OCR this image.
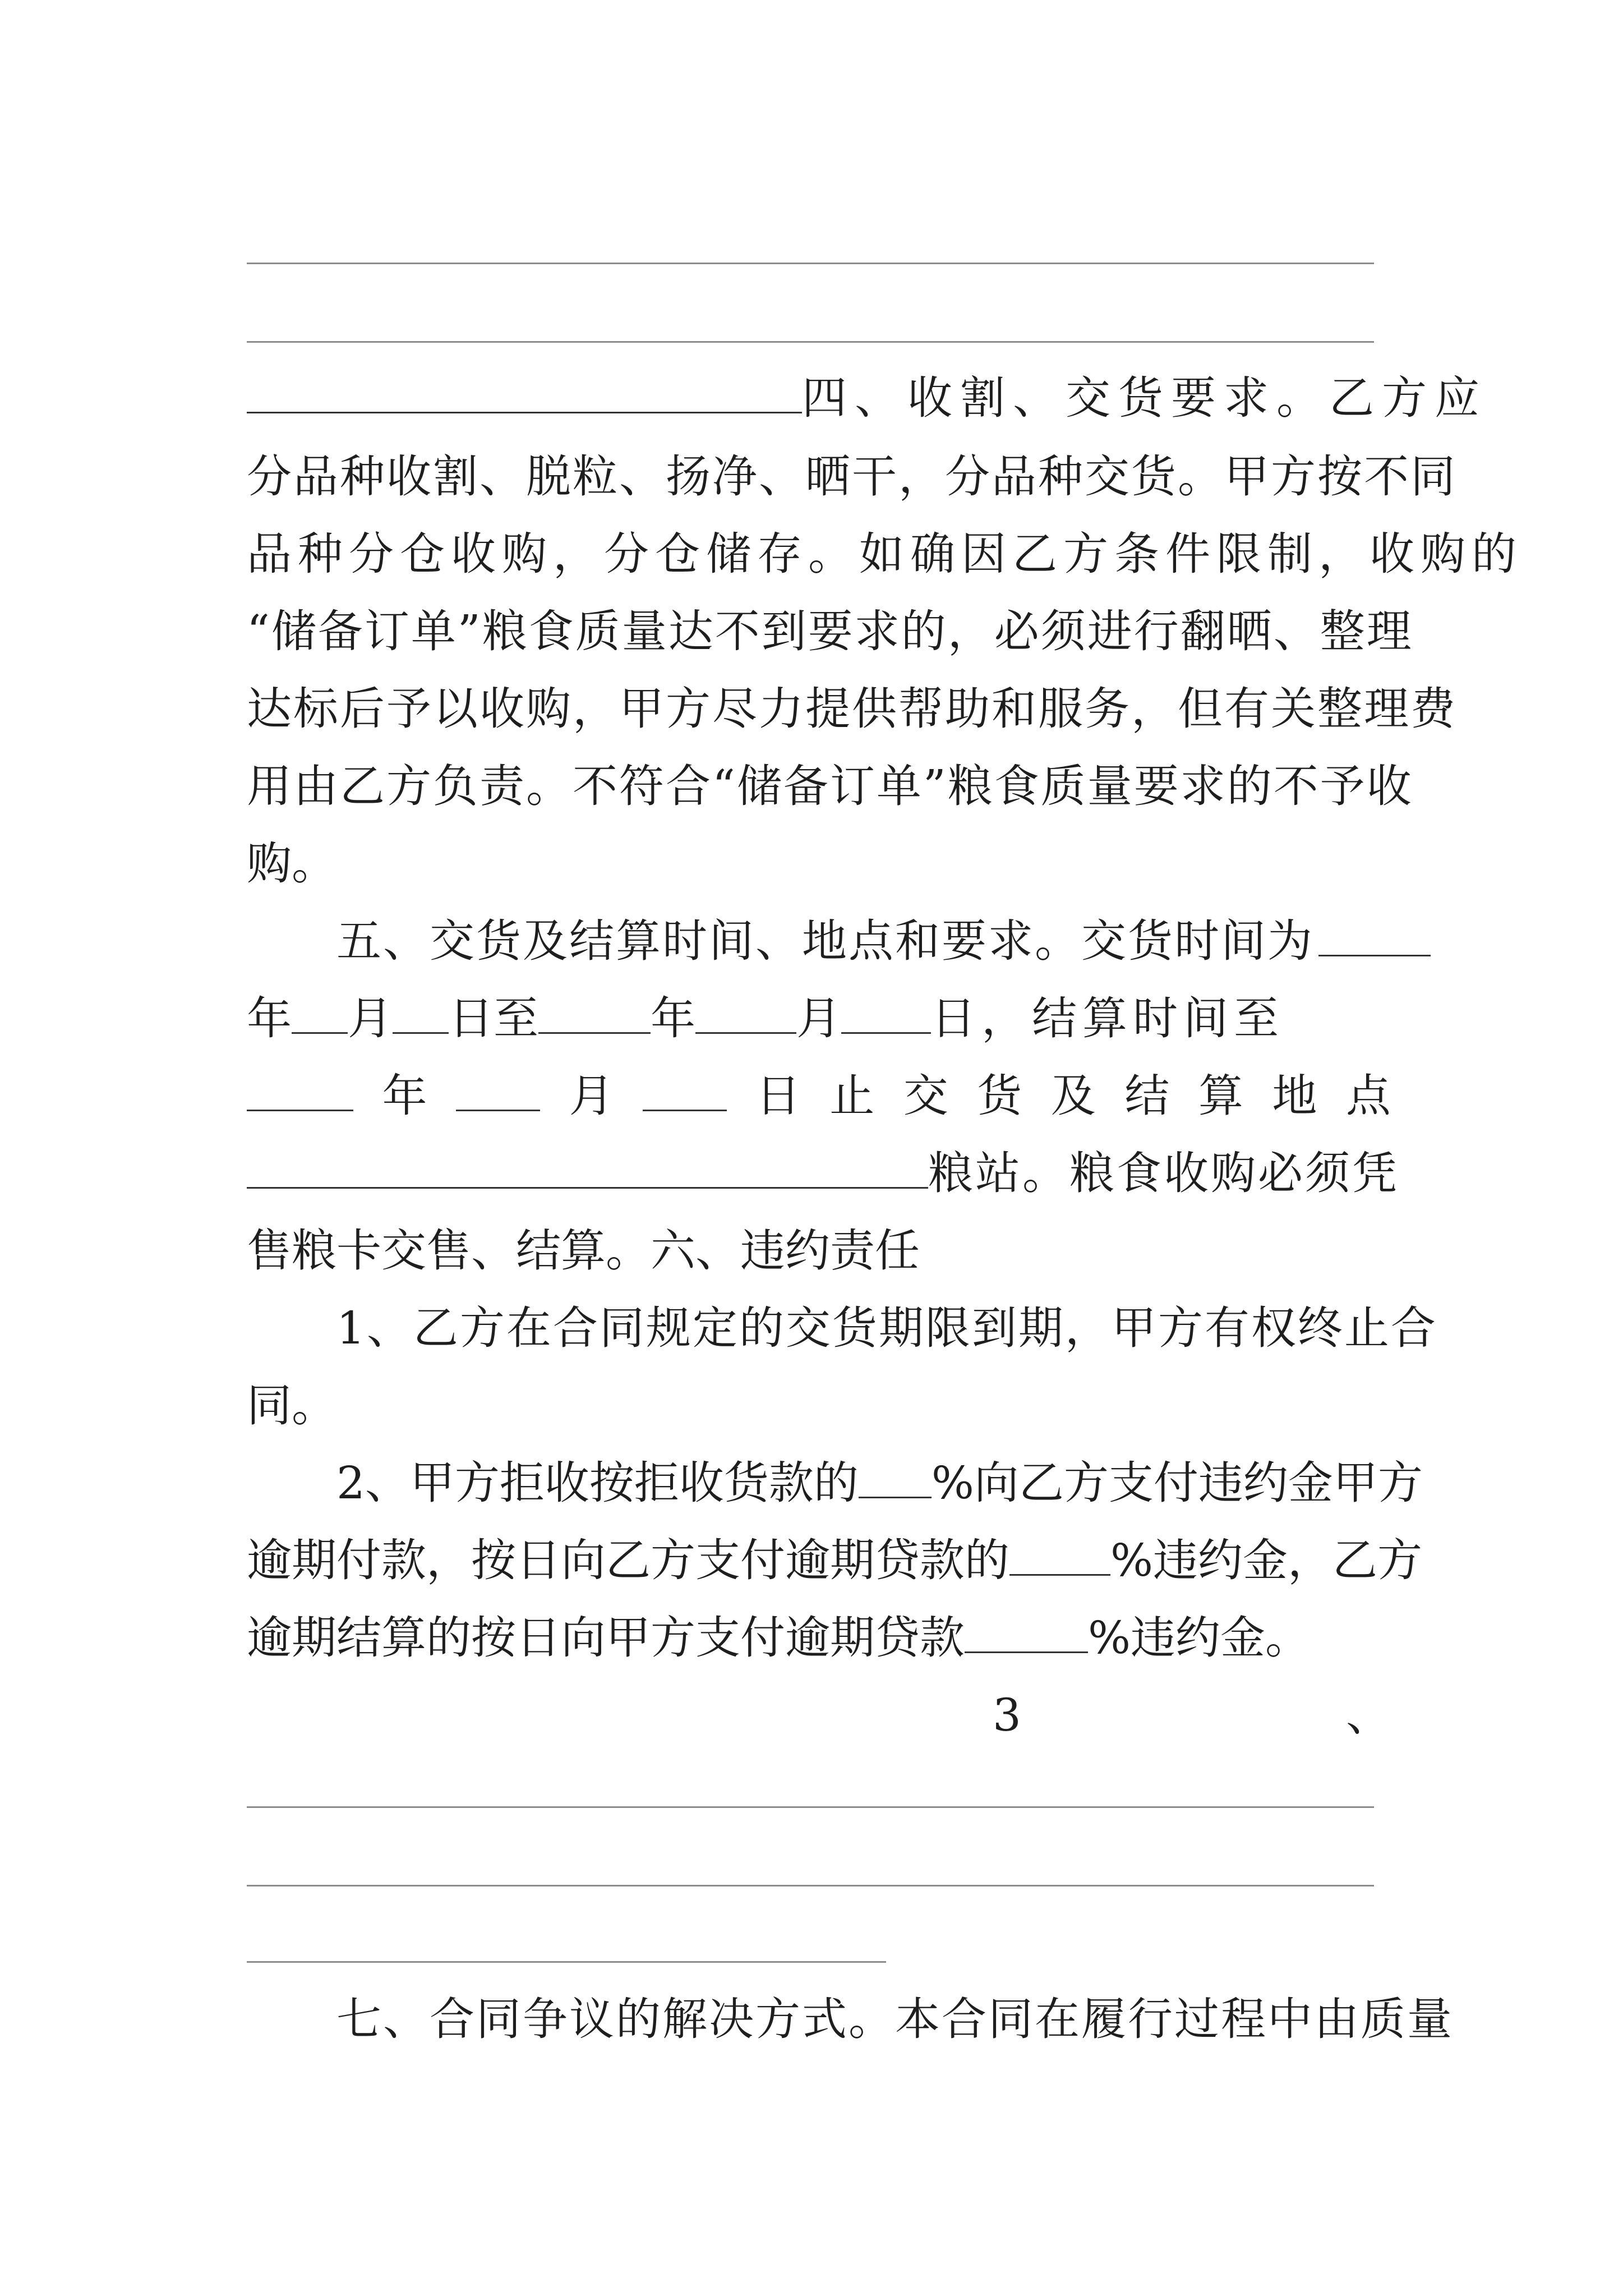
四、收割、交货要求。乙方应
分品种收割、脱粒、扬净、晒干，分品种交货。甲方按不同
品种分仓收购，分仓储存。如确因乙方条件限制，收购的
“储备订单”粮食质量达不到要求的，必须进行翻晒、整理
达标后予以收购，甲方尽力提供帮助和服务，但有关整理费
用由乙方负责。不符合“储备订单”粮食质量要求的不予收
购。
五、交货及结算时间、地点和要求。交货时间为
年 月 日至	年 月 日，结算时间至
年	月	日 止 交 货 及 结 算 地 点
粮站。粮食收购必须凭
售粮卡交售、结算。六、违约责任
1、乙方在合同规定的交货期限到期，甲方有权终止合
同。
2、甲方拒收按拒收货款的 %向乙方支付违约金甲方
逾期付款，按日向乙方支付逾期贷款的 %违约金，乙方
逾期结算的按日向甲方支付逾期贷款	%违约金。
3	、
七、合同争议的解决方式。本合同在履行过程中由质量
